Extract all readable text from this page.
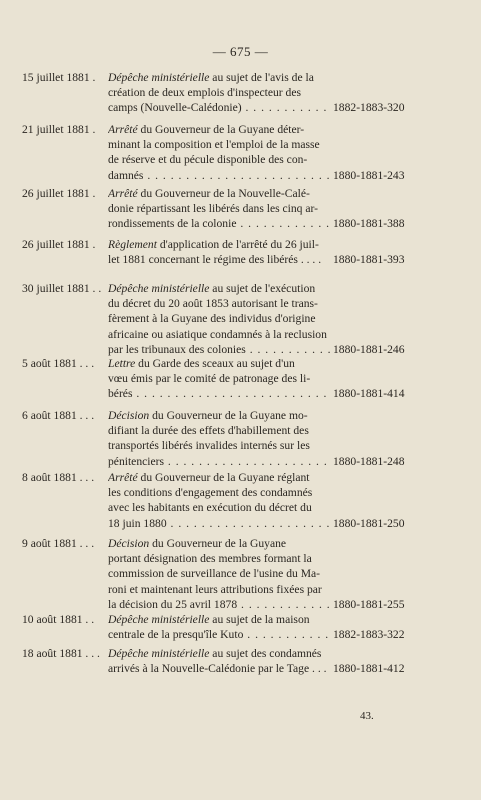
— 675 —
15 juillet 1881 . Dépêche ministérielle au sujet de l'avis de la
création de deux emplois d'inspecteur des
camps (Nouvelle-Calédonie) . . .	1882-1883-320
21 juillet 1881 . Arrêté du Gouverneur de la Guyane déter-
minant la composition et l'emploi de la masse
de réserve et du pécule disponible des con-
damnés . . .	1880-1881-243
26 juillet 1881 . Arrêté du Gouverneur de la Nouvelle-Calé-
donie répartissant les libérés dans les cinq ar-
rondissements de la colonie . . .	1880-1881-388
26 juillet 1881 . Règlement d'application de l'arrêté du 26 juil-
let 1881 concernant le régime des libérés . . . .	1880-1881-393
30 juillet 1881 . . Dépêche ministérielle au sujet de l'exécution
du décret du 20 août 1853 autorisant le trans-
fèrement à la Guyane des individus d'origine
africaine ou asiatique condamnés à la reclusion
par les tribunaux des colonies . . .	1880-1881-246
5 août 1881 . . . Lettre du Garde des sceaux au sujet d'un
vœu émis par le comité de patronage des li-
bérés . . .	1880-1881-414
6 août 1881 . . . Décision du Gouverneur de la Guyane mo-
difiant la durée des effets d'habillement des
transportés libérés invalides internés sur les
pénitenciers . . .	1880-1881-248
8 août 1881 . . . Arrêté du Gouverneur de la Guyane réglant
les conditions d'engagement des condamnés
avec les habitants en exécution du décret du
18 juin 1880 . . .	1880-1881-250
9 août 1881 . . . Décision du Gouverneur de la Guyane
portant désignation des membres formant la
commission de surveillance de l'usine du Ma-
roni et maintenant leurs attributions fixées par
la décision du 25 avril 1878 . . .	1880-1881-255
10 août 1881 . . Dépêche ministérielle au sujet de la maison
centrale de la presqu'île Kuto . . .	1882-1883-322
18 août 1881 . . . Dépêche ministérielle au sujet des condamnés
arrivés à la Nouvelle-Calédonie par le Tage . . . 1880-1881-412
43.
